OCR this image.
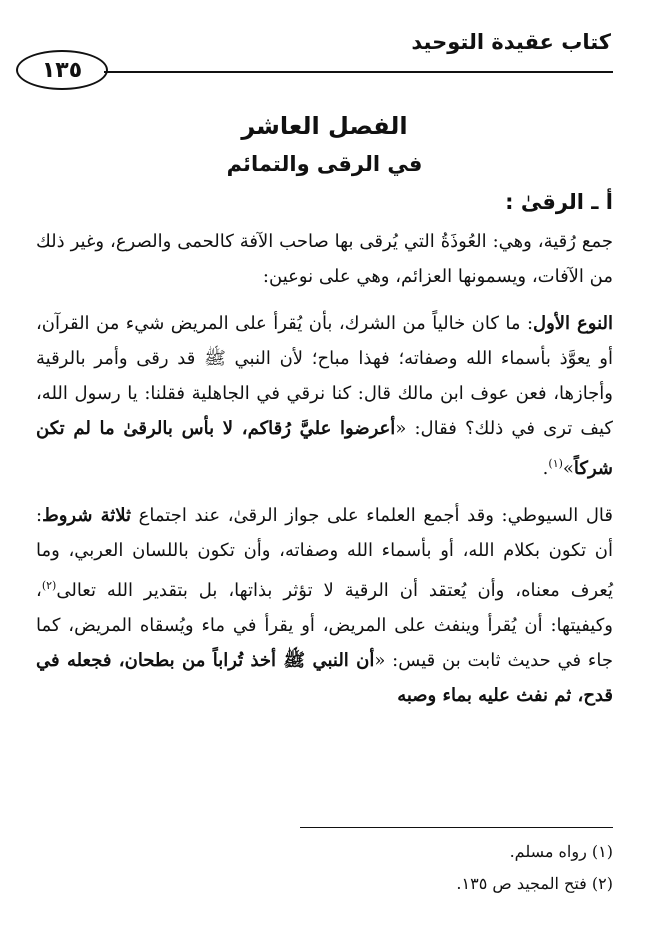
١٣٥
كتاب عقيدة التوحيد
الفصل العاشر
في الرقى والتمائم
أ ـ الرقىٰ :

جمع رُقية، وهي: العُوذَةُ التي يُرقى بها صاحب الآفة كالحمى والصرع، وغير ذلك من الآفات، ويسمونها العزائم، وهي على نوعين:

النوع الأول: ما كان خالياً من الشرك، بأن يُقرأ على المريض شيء من القرآن، أو يعوَّذ بأسماء الله وصفاته؛ فهذا مباح؛ لأن النبي ﷺ قد رقى وأمر بالرقية وأجازها، فعن عوف ابن مالك قال: كنا نرقي في الجاهلية فقلنا: يا رسول الله، كيف ترى في ذلك؟ فقال: «أعرضوا عليَّ رُقاكم، لا بأس بالرقىٰ ما لم تكن شركاً»$^{(١)}$.

قال السيوطي: وقد أجمع العلماء على جواز الرقىٰ، عند اجتماع ثلاثة شروط: أن تكون بكلام الله، أو بأسماء الله وصفاته، وأن تكون باللسان العربي، وما يُعرف معناه، وأن يُعتقد أن الرقية لا تؤثر بذاتها، بل بتقدير الله تعالى$^{(٢)}$، وكيفيتها: أن يُقرأ وينفث على المريض، أو يقرأ في ماء ويُسقاه المريض، كما جاء في حديث ثابت بن قيس: «أن النبي ﷺ أخذ تُراباً من بطحان، فجعله في قدح، ثم نفث عليه بماء وصبه

(١) رواه مسلم.
(٢) فتح المجيد ص ١٣٥.
